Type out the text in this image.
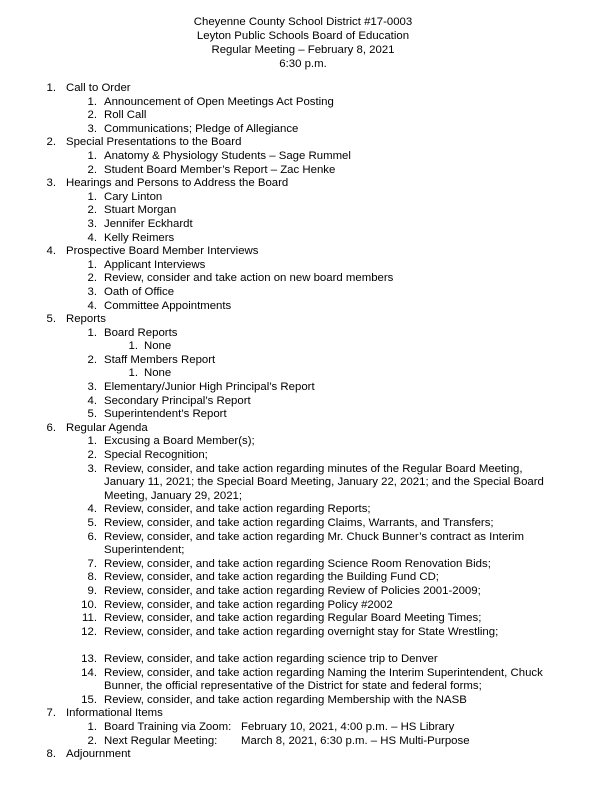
Cheyenne County School District #17-0003
Leyton Public Schools Board of Education
Regular Meeting – February 8, 2021
6:30 p.m.
1. Call to Order
1. Announcement of Open Meetings Act Posting
2. Roll Call
3. Communications; Pledge of Allegiance
2. Special Presentations to the Board
1. Anatomy & Physiology Students – Sage Rummel
2. Student Board Member’s Report – Zac Henke
3. Hearings and Persons to Address the Board
1. Cary Linton
2. Stuart Morgan
3. Jennifer Eckhardt
4. Kelly Reimers
4. Prospective Board Member Interviews
1. Applicant Interviews
2. Review, consider and take action on new board members
3. Oath of Office
4. Committee Appointments
5. Reports
1. Board Reports
1. None
2. Staff Members Report
1. None
3. Elementary/Junior High Principal’s Report
4. Secondary Principal’s Report
5. Superintendent’s Report
6. Regular Agenda
1. Excusing a Board Member(s);
2. Special Recognition;
3. Review, consider, and take action regarding minutes of the Regular Board Meeting, January 11, 2021; the Special Board Meeting, January 22, 2021; and the Special Board Meeting, January 29, 2021;
4. Review, consider, and take action regarding Reports;
5. Review, consider, and take action regarding Claims, Warrants, and Transfers;
6. Review, consider, and take action regarding Mr. Chuck Bunner’s contract as Interim Superintendent;
7. Review, consider, and take action regarding Science Room Renovation Bids;
8. Review, consider, and take action regarding the Building Fund CD;
9. Review, consider, and take action regarding Review of Policies 2001-2009;
10. Review, consider, and take action regarding Policy #2002
11. Review, consider, and take action regarding Regular Board Meeting Times;
12. Review, consider, and take action regarding overnight stay for State Wrestling;
13. Review, consider, and take action regarding science trip to Denver
14. Review, consider, and take action regarding Naming the Interim Superintendent, Chuck Bunner, the official representative of the District for state and federal forms;
15. Review, consider, and take action regarding Membership with the NASB
7. Informational Items
1. Board Training via Zoom: February 10, 2021, 4:00 p.m. – HS Library
2. Next Regular Meeting:	March 8, 2021, 6:30 p.m. – HS Multi-Purpose
8. Adjournment
